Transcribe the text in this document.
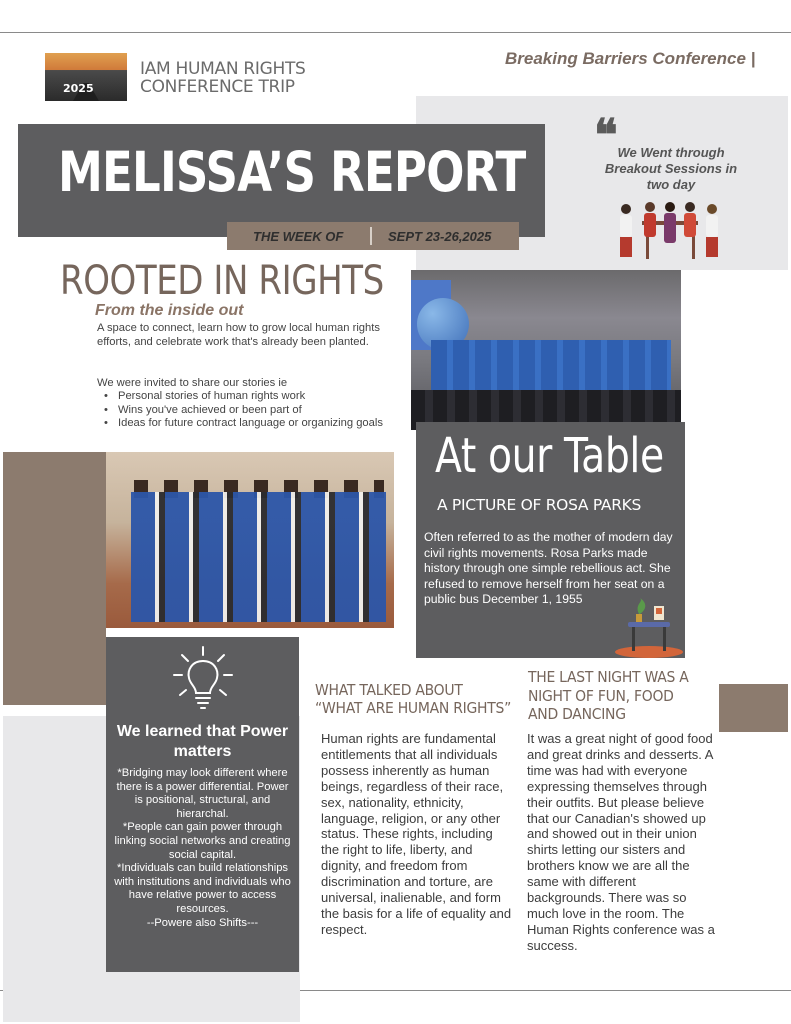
2025
IAM HUMAN RIGHTS
CONFERENCE TRIP
Breaking Barriers Conference |
MELISSA’S REPORT
THE WEEK OF	SEPT 23-26,2025
❝ We Went through Breakout Sessions in two day
ROOTED IN RIGHTS
From the inside out
A space to connect, learn how to grow local human rights efforts, and celebrate work that's already been planted.
We were invited to share our stories ie
• Personal stories of human rights work
• Wins you've achieved or been part of
• Ideas for future contract language or organizing goals
At our Table
A PICTURE OF ROSA PARKS
Often referred to as the mother of modern day civil rights movements. Rosa Parks made history through one simple rebellious act. She refused to remove herself from her seat on a public bus December 1, 1955
We learned that Power matters
*Bridging may look different where there is a power differential. Power is positional, structural, and hierarchal.
*People can gain power through linking social networks and creating social capital.
*Individuals can build relationships with institutions and individuals who have relative power to access resources.
--Powere also Shifts---
WHAT TALKED ABOUT
“WHAT ARE HUMAN RIGHTS”
Human rights are fundamental entitlements that all individuals possess inherently as human beings, regardless of their race, sex, nationality, ethnicity, language, religion, or any other status. These rights, including the right to life, liberty, and dignity, and freedom from discrimination and torture, are universal, inalienable, and form the basis for a life of equality and respect.
THE LAST NIGHT WAS A NIGHT OF FUN, FOOD AND DANCING
It was a great night of good food and great drinks and desserts. A time was had with everyone expressing themselves through their outfits. But please believe that our Canadian's showed up and showed out in their union shirts letting our sisters and brothers know we are all the same with different backgrounds. There was so much love in the room. The Human Rights conference was a success.
